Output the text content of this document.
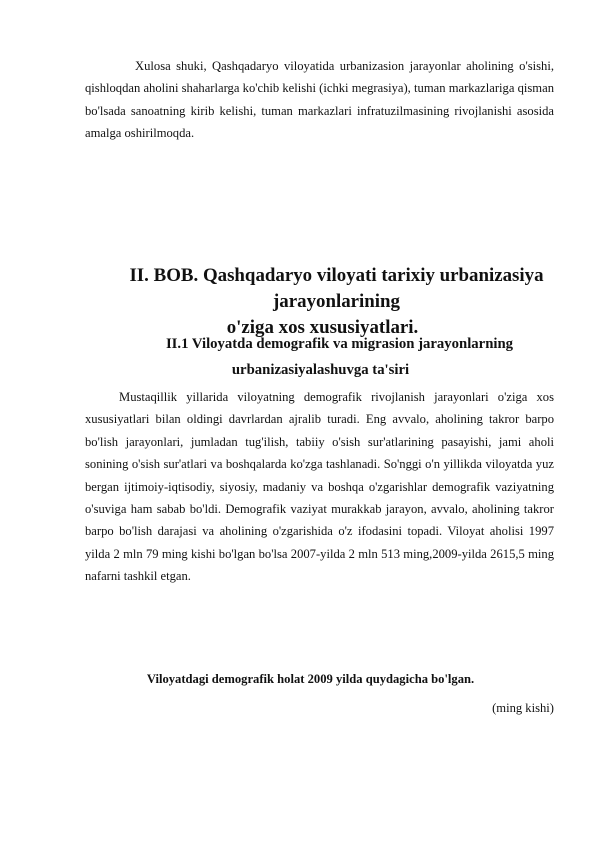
Xulosa shuki, Qashqadaryo viloyatida urbanizasion jarayonlar aholining o'sishi, qishloqdan aholini shaharlarga ko'chib kelishi (ichki megrasiya), tuman markazlariga qisman bo'lsada sanoatning kirib kelishi, tuman markazlari infratuzilmasining rivojlanishi asosida amalga oshirilmoqda.

II. BOB. Qashqadaryo viloyati tarixiy urbanizasiya jarayonlarining
o'ziga xos xususiyatlari.
II.1 Viloyatda demografik va migrasion jarayonlarning
urbanizasiyalashuvga ta'siri

Mustaqillik yillarida viloyatning demografik rivojlanish jarayonlari o'ziga xos xususiyatlari bilan oldingi davrlardan ajralib turadi. Eng avvalo, aholining takror barpo bo'lish jarayonlari, jumladan tug'ilish, tabiiy o'sish sur'atlarining pasayishi, jami aholi sonining o'sish sur'atlari va boshqalarda ko'zga tashlanadi. So'nggi o'n yillikda viloyatda yuz bergan ijtimoiy-iqtisodiy, siyosiy, madaniy va boshqa o'zgarishlar demografik vaziyatning o'suviga ham sabab bo'ldi. Demografik vaziyat murakkab jarayon, avvalo, aholining takror barpo bo'lish darajasi va aholining o'zgarishida o'z ifodasini topadi. Viloyat aholisi 1997 yilda 2 mln 79 ming kishi bo'lgan bo'lsa 2007-yilda 2 mln 513 ming,2009-yilda 2615,5 ming nafarni tashkil etgan.

Viloyatdagi demografik holat 2009 yilda quydagicha bo'lgan.

(ming kishi)
